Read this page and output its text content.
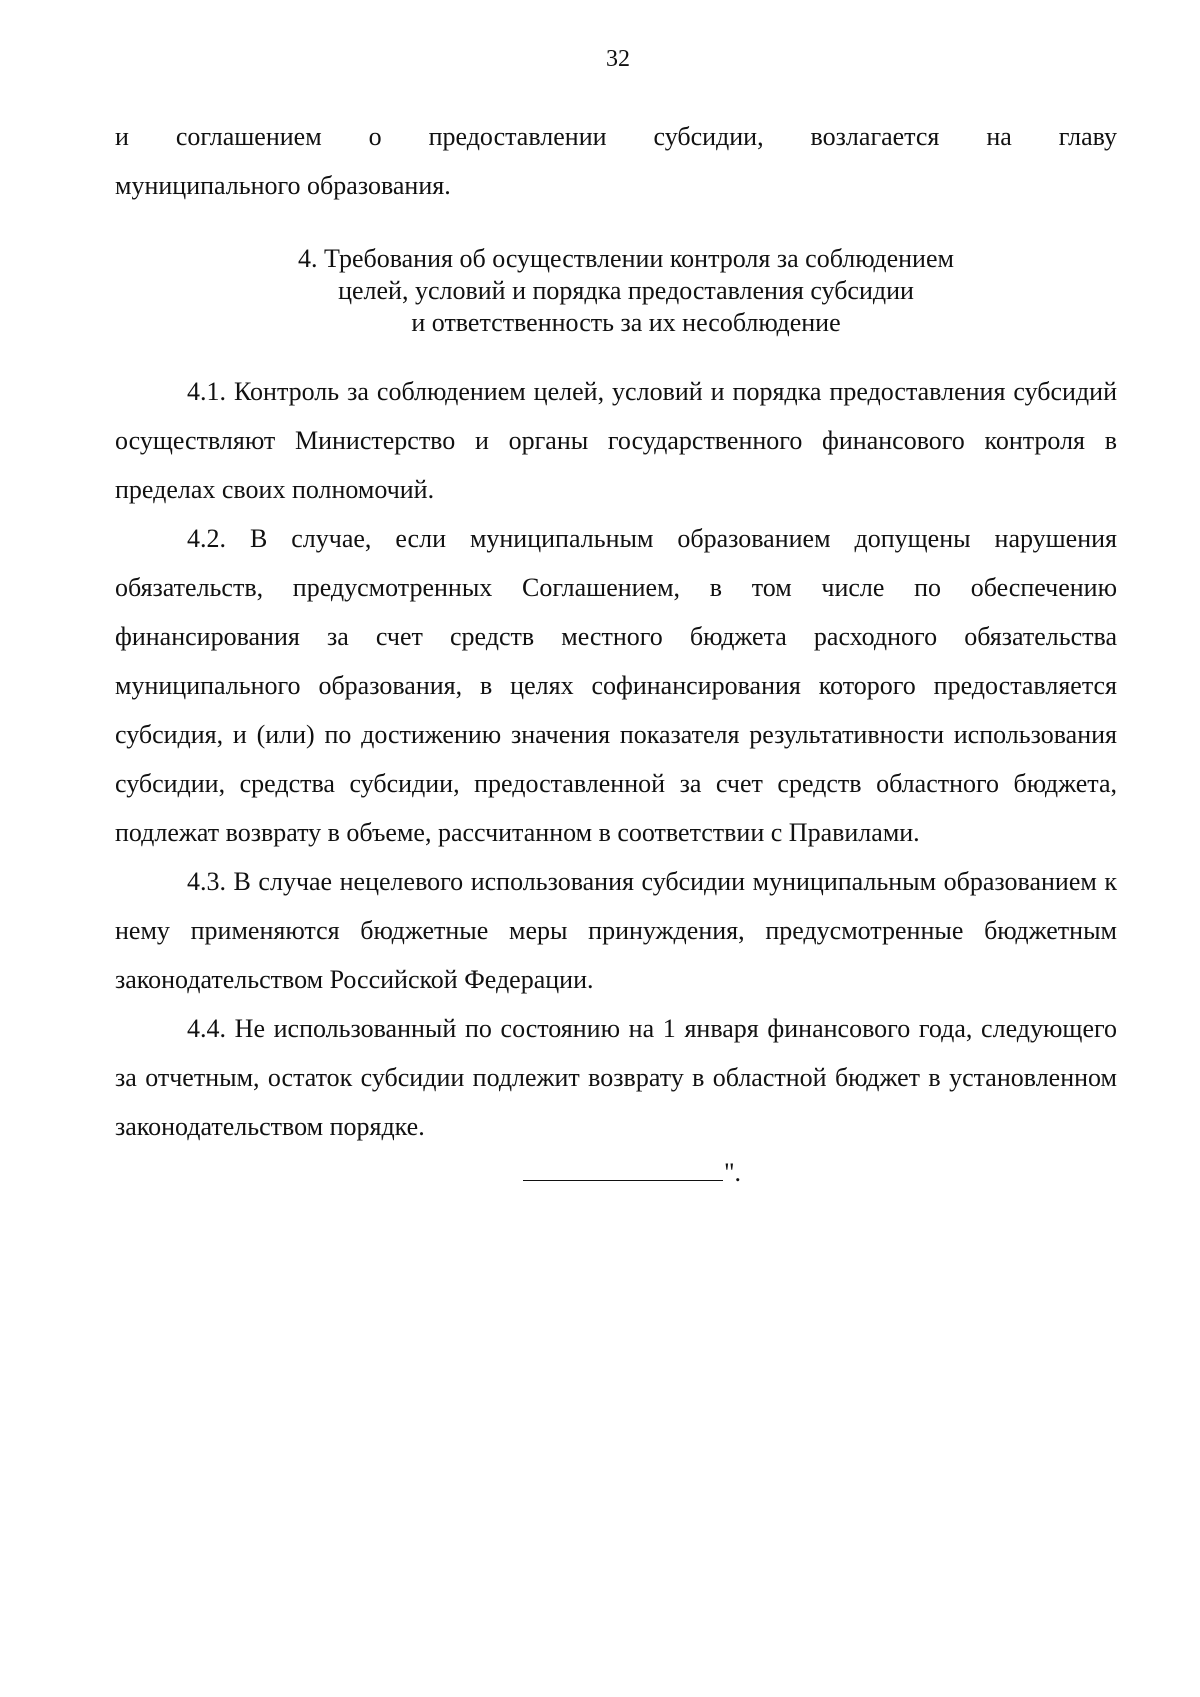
32

и соглашением о предоставлении субсидии, возлагается на главу

муниципального образования.

4. Требования об осуществлении контроля за соблюдением
целей, условий и порядка предоставления субсидии
и ответственность за их несоблюдение

4.1. Контроль за соблюдением целей, условий и порядка предоставления субсидий осуществляют Министерство и органы государственного финансового контроля в пределах своих полномочий.

4.2. В случае, если муниципальным образованием допущены нарушения обязательств, предусмотренных Соглашением, в том числе по обеспечению финансирования за счет средств местного бюджета расходного обязательства муниципального образования, в целях софинансирования которого предоставляется субсидия, и (или) по достижению значения показателя результативности использования субсидии, средства субсидии, предоставленной за счет средств областного бюджета, подлежат возврату в объеме, рассчитанном в соответствии с Правилами.

4.3. В случае нецелевого использования субсидии муниципальным образованием к нему применяются бюджетные меры принуждения, предусмотренные бюджетным законодательством Российской Федерации.

4.4. Не использованный по состоянию на 1 января финансового года, следующего за отчетным, остаток субсидии подлежит возврату в областной бюджет в установленном законодательством порядке.

".
